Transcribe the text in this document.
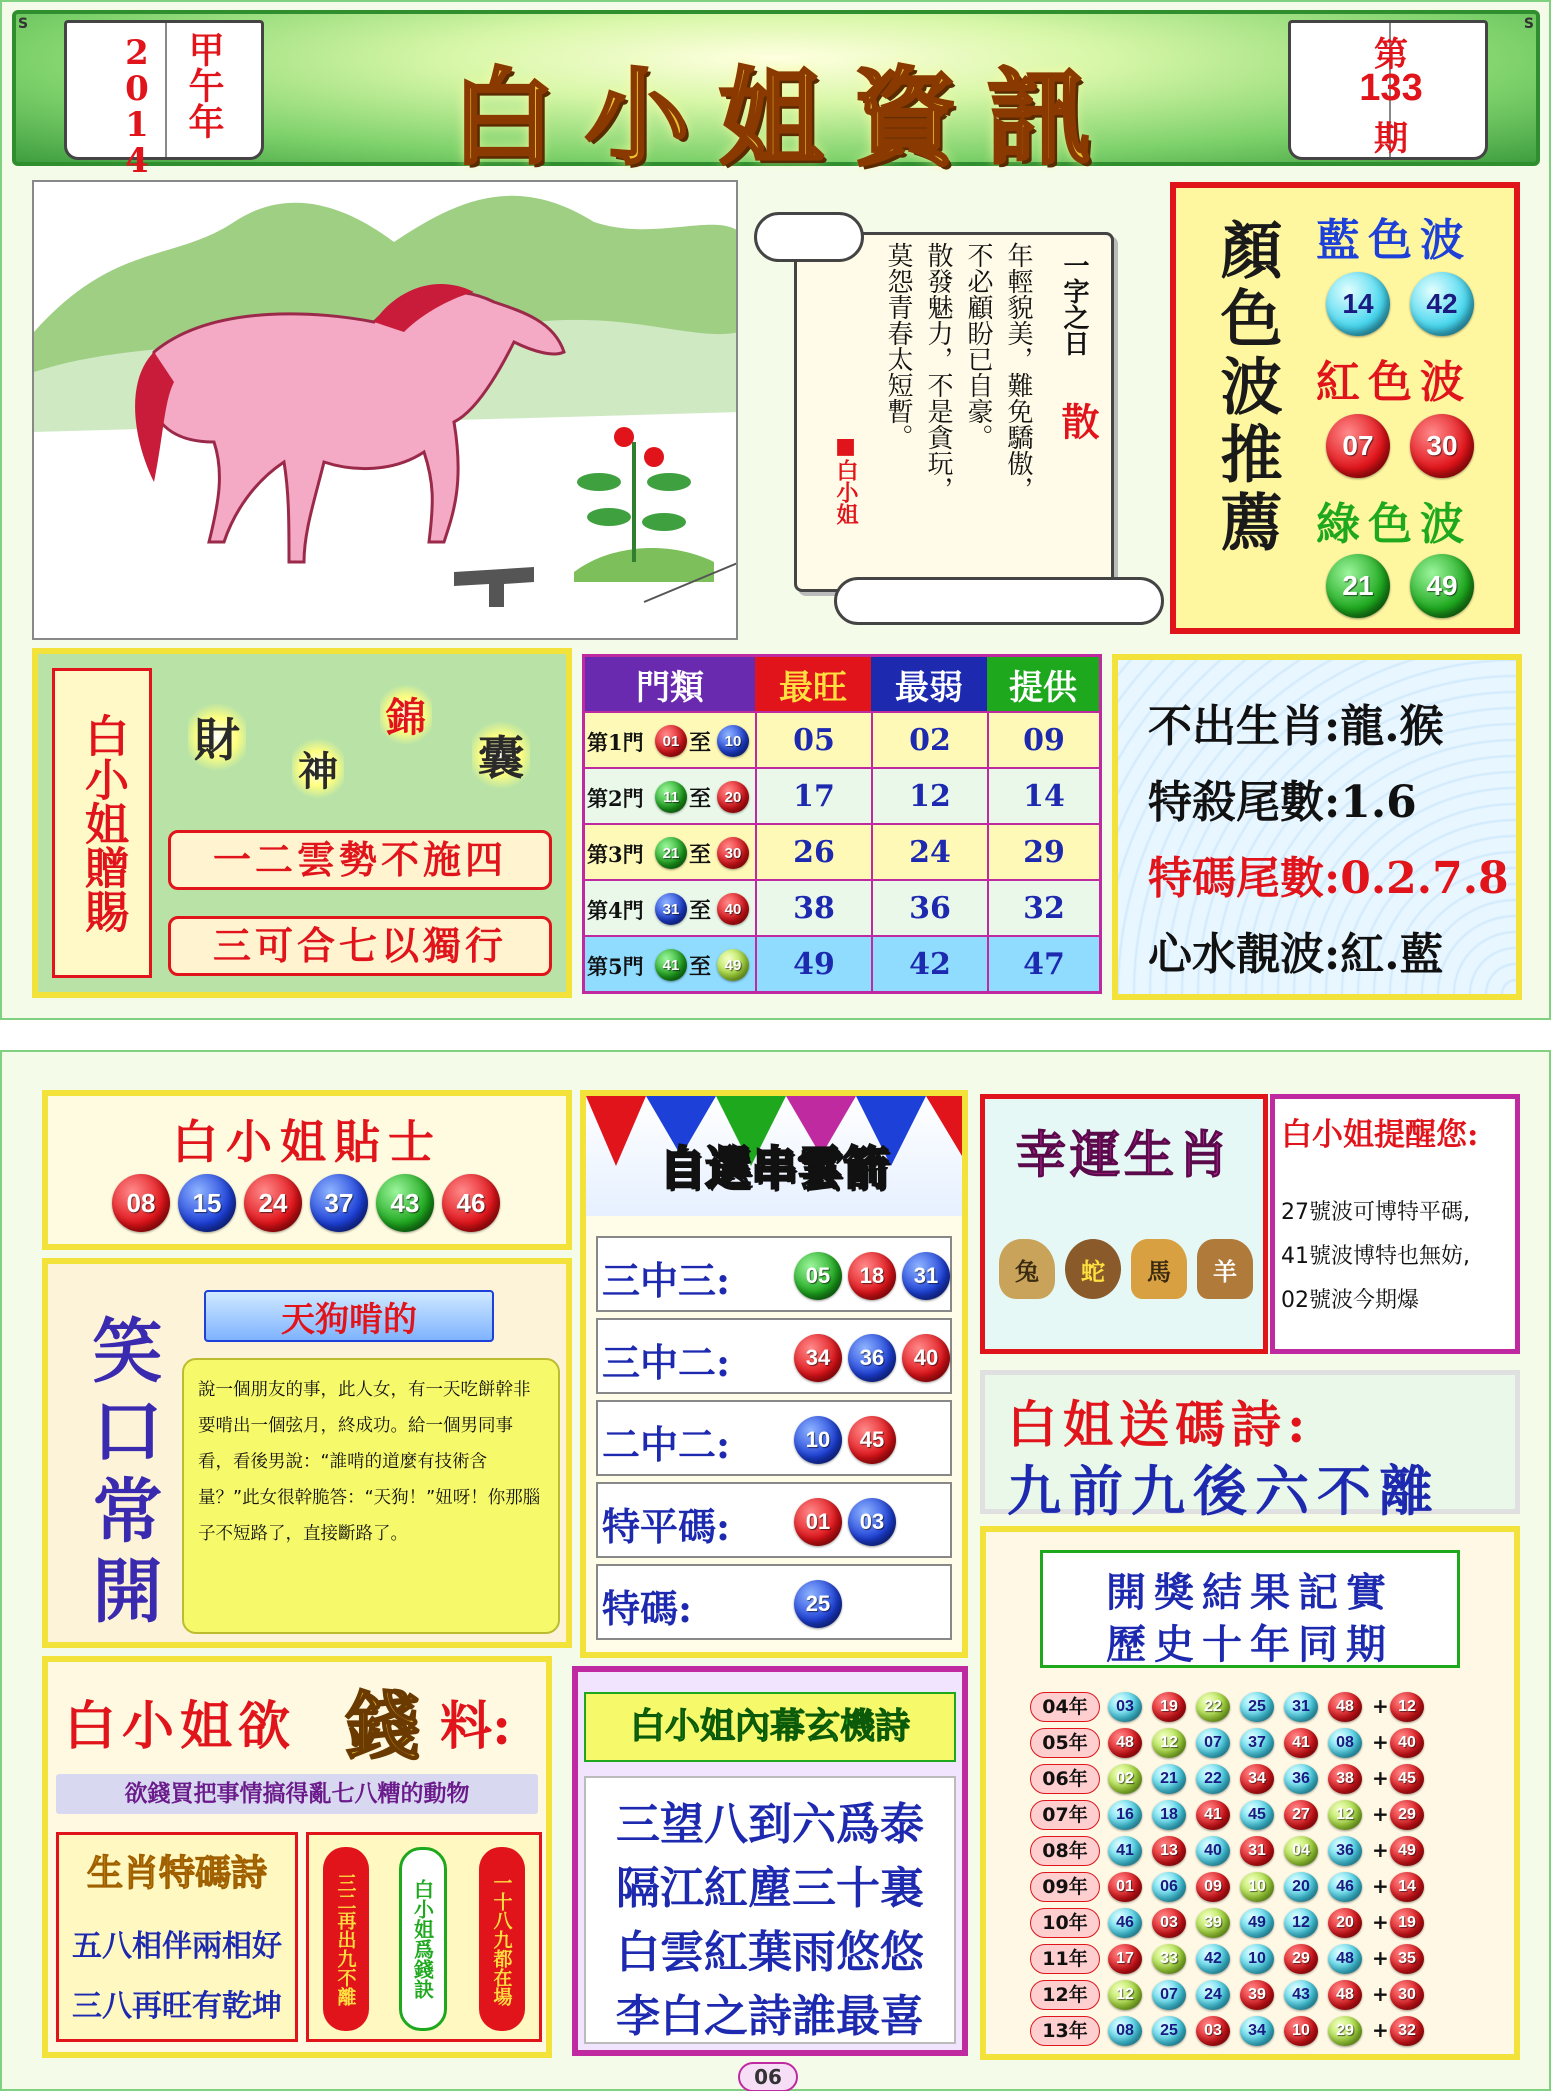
S	S
2014 甲午年	白小姐資訊
第
133
期
一字之日
散
年輕貌美，難免驕傲，
不必顧盼已自豪。
散發魅力，不是貪玩，
莫怨青春太短暫。
■白小姐	顏色波推薦 藍色波
14	42
紅色波
07	30
綠色波
21	49
白小姐贈賜 財
神
錦
囊
一二雲勢不施四
三可合七以獨行
門類	最旺	最弱	提供
第1門	01 至 10	05	02	09
第2門	11 至 20	17	12	14
第3門	21 至 30	26	24	29
第4門	31 至 40	38	36	32
第5門	41 至 49	49	42	47
不出生肖:龍.猴
特殺尾數:1.6
特碼尾數:0.2.7.8
心水靚波:紅.藍
白小姐貼士
08	15	24	37	43	46
笑口常開	天狗啃的
說一個朋友的事，此人女，有一天吃餅幹非要啃出一個弦月，終成功。給一個男同事看，看後男說：“誰啃的道麼有技術含量？”此女很幹脆答：“天狗！”妞呀！你那腦子不短路了，直接斷路了。
白小姐欲 錢 料:
欲錢買把事情搞得亂七八糟的動物
生肖特碼詩
五八相伴兩相好
三八再旺有乾坤
三二再出九不離	白小姐爲錢訣	一十八九都在場
自選串雲箭
三中三:	05	18	31
三中二:	34	36	40
二中二:	10	45
特平碼:	01	03
特碼:	25
白小姐內幕玄機詩
三望八到六爲泰
隔江紅塵三十裏
白雲紅葉雨悠悠
李白之詩誰最喜
幸運生肖
兔 蛇 馬 羊
白小姐提醒您:
27號波可博特平碼,
41號波博特也無妨,
02號波今期爆
白姐送碼詩:
九前九後六不離
開獎結果記實
歷史十年同期
04年	03	19	22	25	31	48 + 12
05年	48	12	07	37	41	08 + 40
06年	02	21	22	34	36	38 + 45
07年	16	18	41	45	27	12 + 29
08年	41	13	40	31	04	36 + 49
09年	01	06	09	10	20	46 + 14
10年	46	03	39	49	12	20 + 19
11年	17	33	42	10	29	48 + 35
12年	12	07	24	39	43	48 + 30
13年	08	25	03	34	10	29 + 32
06
